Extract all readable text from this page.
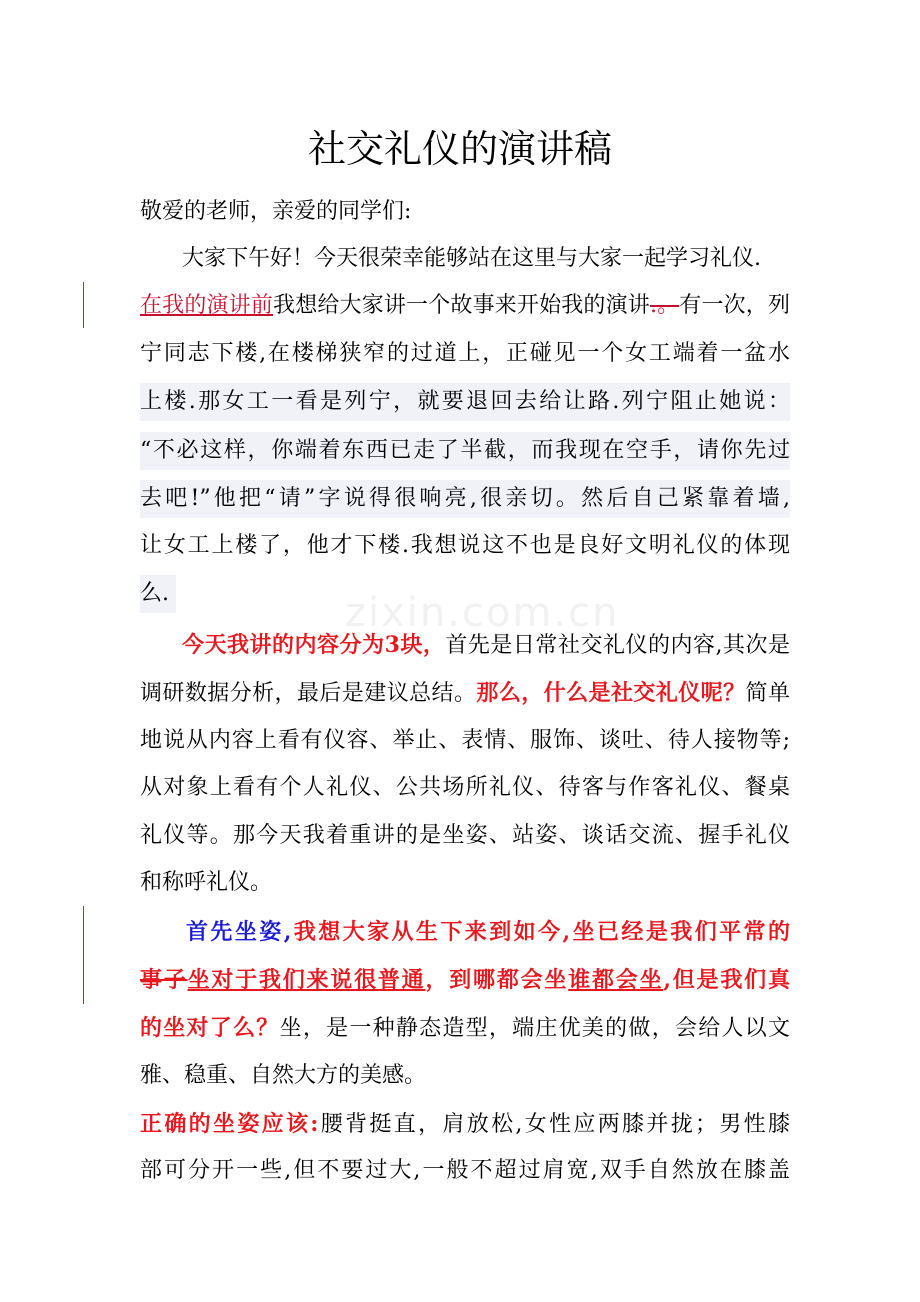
zixin.com.cn
社交礼仪的演讲稿
敬爱的老师，亲爱的同学们:
大家下午好！今天很荣幸能够站在这里与大家一起学习礼仪.
在我的演讲前我想给大家讲一个故事来开始我的演讲.。有一次，列
宁同志下楼,在楼梯狭窄的过道上，正碰见一个女工端着一盆水
上楼.那女工一看是列宁，就要退回去给让路.列宁阻止她说：
“不必这样，你端着东西已走了半截，而我现在空手，请你先过
去吧!”他把“请”字说得很响亮,很亲切。然后自己紧靠着墙,
让女工上楼了，他才下楼.我想说这不也是良好文明礼仪的体现
么.
今天我讲的内容分为3块，首先是日常社交礼仪的内容,其次是
调研数据分析，最后是建议总结。那么，什么是社交礼仪呢？简单
地说从内容上看有仪容、举止、表情、服饰、谈吐、待人接物等;
从对象上看有个人礼仪、公共场所礼仪、待客与作客礼仪、餐桌
礼仪等。那今天我着重讲的是坐姿、站姿、谈话交流、握手礼仪
和称呼礼仪。
首先坐姿,我想大家从生下来到如今,坐已经是我们平常的
事子坐对于我们来说很普通，到哪都会坐谁都会坐,但是我们真
的坐对了么？坐，是一种静态造型，端庄优美的做，会给人以文
雅、稳重、自然大方的美感。
正确的坐姿应该:腰背挺直，肩放松,女性应两膝并拢；男性膝
部可分开一些,但不要过大,一般不超过肩宽,双手自然放在膝盖
